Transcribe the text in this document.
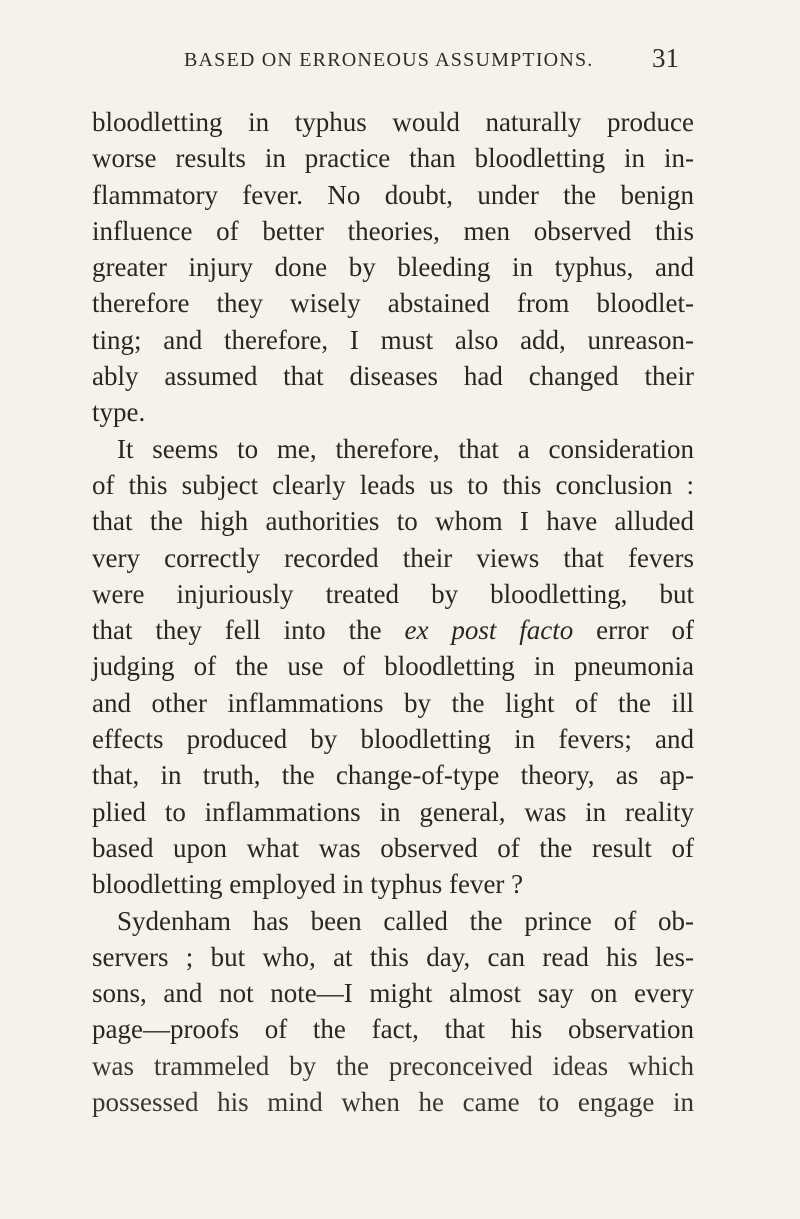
BASED ON ERRONEOUS ASSUMPTIONS. 31
bloodletting in typhus would naturally produce
worse results in practice than bloodletting in in-
flammatory fever. No doubt, under the benign
influence of better theories, men observed this
greater injury done by bleeding in typhus, and
therefore they wisely abstained from bloodlet-
ting; and therefore, I must also add, unreason-
ably assumed that diseases had changed their
type.
It seems to me, therefore, that a consideration
of this subject clearly leads us to this conclusion :
that the high authorities to whom I have alluded
very correctly recorded their views that fevers
were injuriously treated by bloodletting, but
that they fell into the ex post facto error of
judging of the use of bloodletting in pneumonia
and other inflammations by the light of the ill
effects produced by bloodletting in fevers; and
that, in truth, the change-of-type theory, as ap-
plied to inflammations in general, was in reality
based upon what was observed of the result of
bloodletting employed in typhus fever ?
Sydenham has been called the prince of ob-
servers ; but who, at this day, can read his les-
sons, and not note—I might almost say on every
page—proofs of the fact, that his observation
was trammeled by the preconceived ideas which
possessed his mind when he came to engage in
